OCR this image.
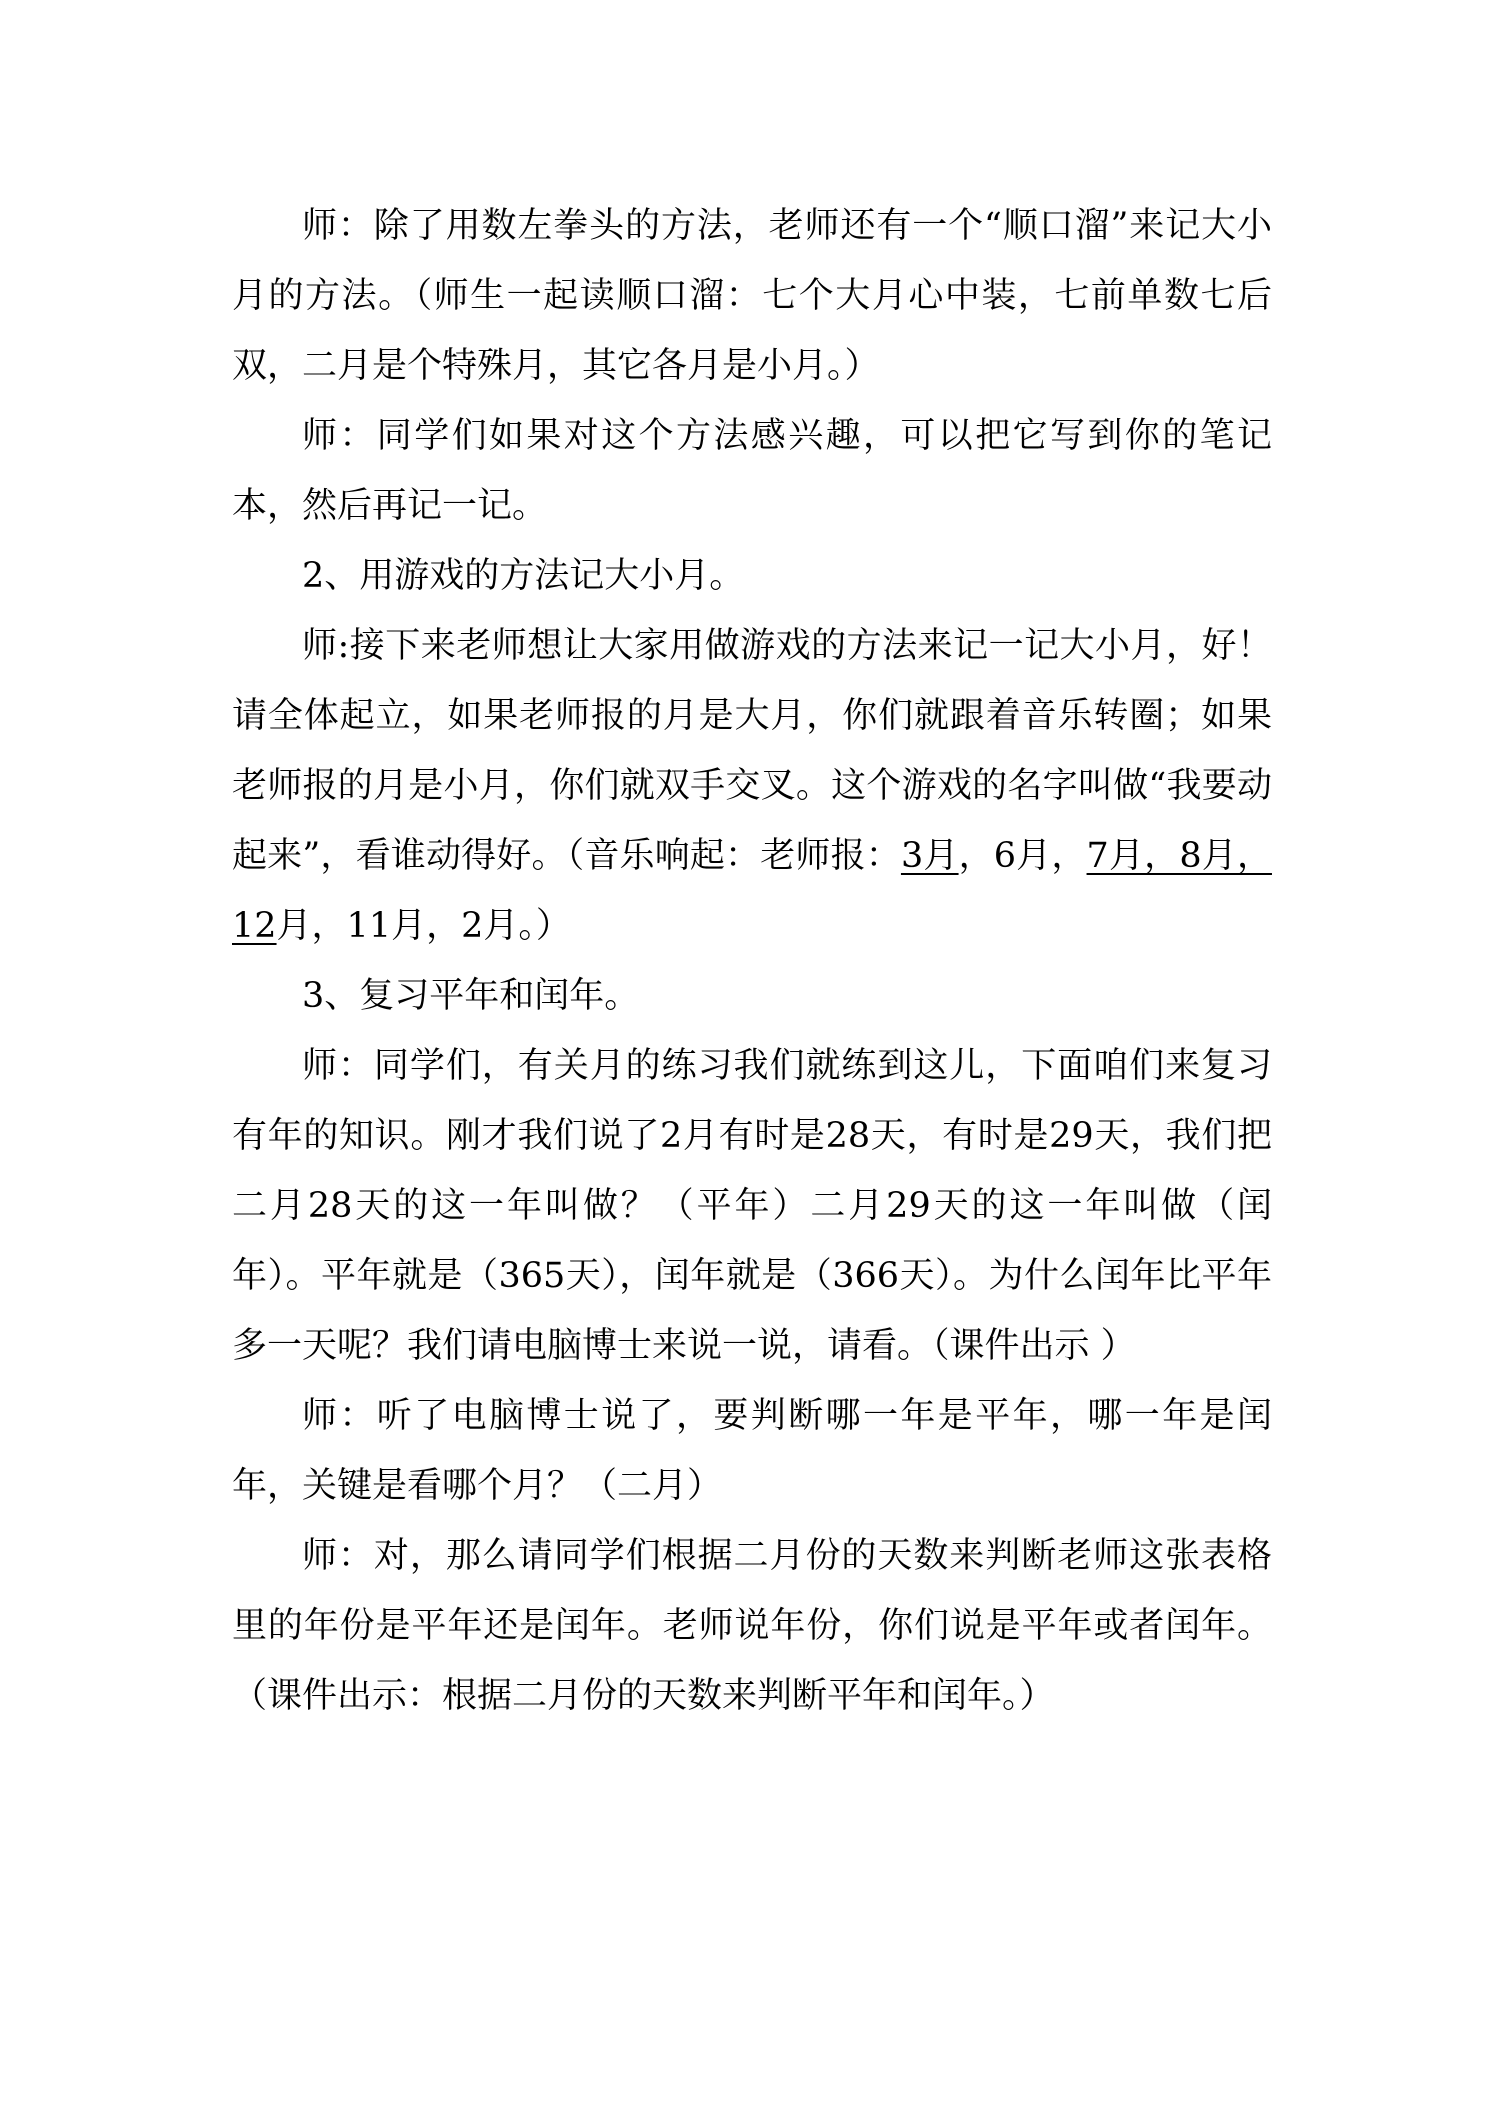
师：除了用数左拳头的方法，老师还有一个“顺口溜”来记大小月的方法。（师生一起读顺口溜：七个大月心中装，七前单数七后双，二月是个特殊月，其它各月是小月。）

师：同学们如果对这个方法感兴趣，可以把它写到你的笔记本，然后再记一记。

2、用游戏的方法记大小月。

师:接下来老师想让大家用做游戏的方法来记一记大小月，好！请全体起立，如果老师报的月是大月，你们就跟着音乐转圈；如果老师报的月是小月，你们就双手交叉。这个游戏的名字叫做“我要动起来”，看谁动得好。（音乐响起：老师报：3月，6月，7月，8月，12月，11月，2月。）

3、复习平年和闰年。

师：同学们，有关月的练习我们就练到这儿，下面咱们来复习有年的知识。刚才我们说了2月有时是28天，有时是29天，我们把二月28天的这一年叫做？（平年）二月29天的这一年叫做（闰年）。平年就是（365天），闰年就是（366天）。为什么闰年比平年多一天呢？我们请电脑博士来说一说，请看。（课件出示 ）

师：听了电脑博士说了，要判断哪一年是平年，哪一年是闰年，关键是看哪个月？（二月）

师：对，那么请同学们根据二月份的天数来判断老师这张表格里的年份是平年还是闰年。老师说年份，你们说是平年或者闰年。（课件出示：根据二月份的天数来判断平年和闰年。）
